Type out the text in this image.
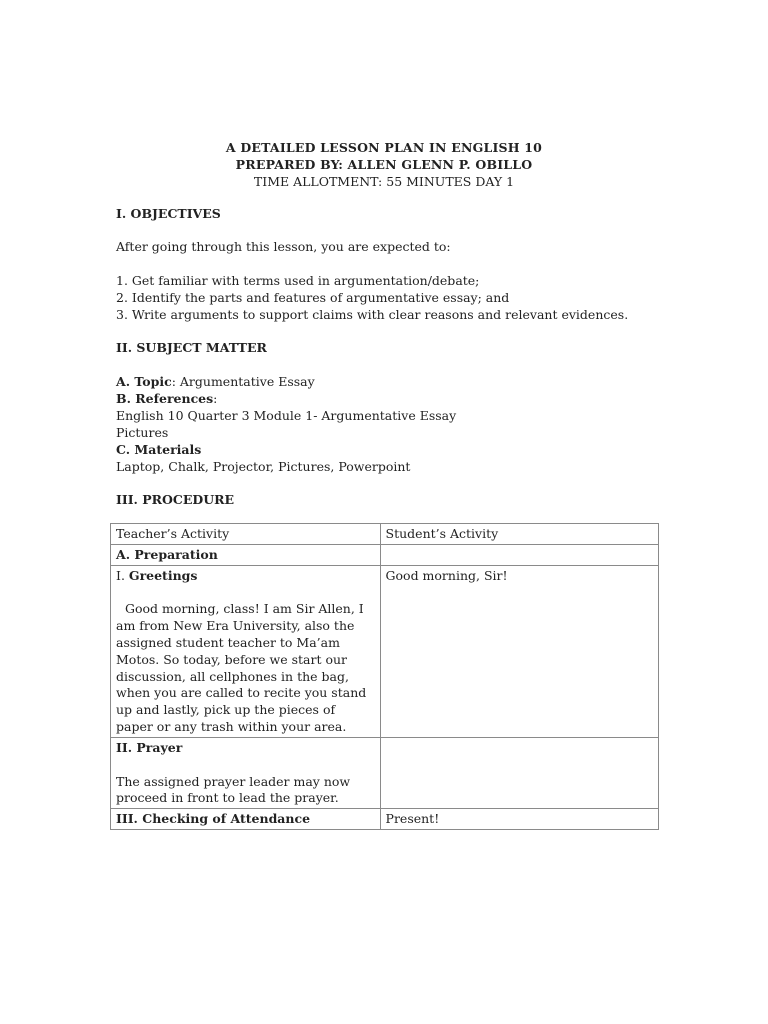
A DETAILED LESSON PLAN IN ENGLISH 10
PREPARED BY: ALLEN GLENN P. OBILLO
TIME ALLOTMENT: 55 MINUTES DAY 1

I. OBJECTIVES

After going through this lesson, you are expected to:

1. Get familiar with terms used in argumentation/debate;

2. Identify the parts and features of argumentative essay; and

3. Write arguments to support claims with clear reasons and relevant evidences.

II. SUBJECT MATTER

A. Topic: Argumentative Essay

B. References:

English 10 Quarter 3 Module 1- Argumentative Essay

Pictures

C. Materials

Laptop, Chalk, Projector, Pictures, Powerpoint

III. PROCEDURE

Teacher’s Activity	Student’s Activity
A. Preparation	

I. Greetings
Good morning, class! I am Sir Allen, I am from New Era University, also the assigned student teacher to Ma’am Motos. So today, before we start our discussion, all cellphones in the bag, when you are called to recite you stand up and lastly, pick up the pieces of paper or any trash within your area.	Good morning, Sir!

II. Prayer
The assigned prayer leader may now proceed in front to lead the prayer.	

III. Checking of Attendance	Present!
